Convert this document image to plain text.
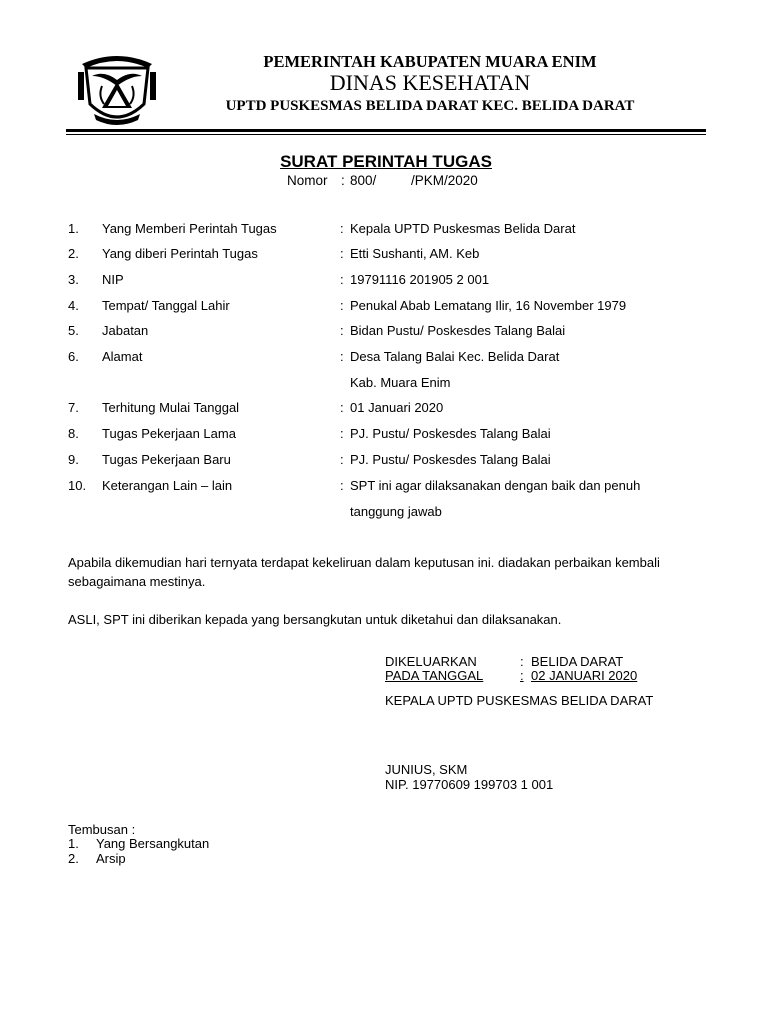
PEMERINTAH KABUPATEN MUARA ENIM
DINAS KESEHATAN
UPTD PUSKESMAS BELIDA DARAT KEC. BELIDA DARAT
SURAT PERINTAH TUGAS
Nomor : 800/	/PKM/2020
1. Yang Memberi Perintah Tugas	: Kepala UPTD Puskesmas Belida Darat
2. Yang diberi Perintah Tugas	: Etti Sushanti, AM. Keb
3. NIP	: 19791116 201905 2 001
4. Tempat/ Tanggal Lahir	: Penukal Abab Lematang Ilir, 16 November 1979
5. Jabatan	: Bidan Pustu/ Poskesdes Talang Balai
6. Alamat	: Desa Talang Balai Kec. Belida Darat
Kab. Muara Enim
7. Terhitung Mulai Tanggal	: 01 Januari 2020
8. Tugas Pekerjaan Lama	: PJ. Pustu/ Poskesdes Talang Balai
9. Tugas Pekerjaan Baru	: PJ. Pustu/ Poskesdes Talang Balai
10. Keterangan Lain – lain	: SPT ini agar dilaksanakan dengan baik dan penuh
tanggung jawab
Apabila dikemudian hari ternyata terdapat kekeliruan dalam keputusan ini. diadakan perbaikan kembali
sebagaimana mestinya.
ASLI, SPT ini diberikan kepada yang bersangkutan untuk diketahui dan dilaksanakan.
DIKELUARKAN	: BELIDA DARAT
PADA TANGGAL	: 02 JANUARI 2020
KEPALA UPTD PUSKESMAS BELIDA DARAT
JUNIUS, SKM
NIP. 19770609 199703 1 001
Tembusan :
1. Yang Bersangkutan
2. Arsip
